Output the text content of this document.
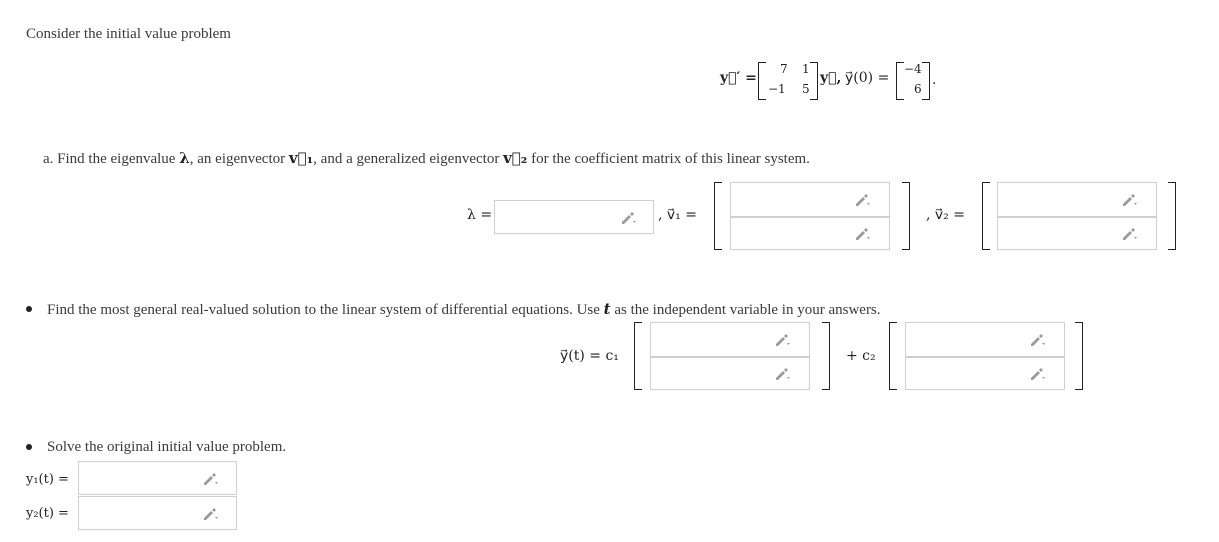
Consider the initial value problem
y⃗′ =
7 1
−1 5
y⃗, y⃗(0) =
−4
6
.
a. Find the eigenvalue λ, an eigenvector v⃗₁, and a generalized eigenvector v⃗₂ for the coefficient matrix of this linear system.
λ =	, v⃗₁ =	, v⃗₂ =
Find the most general real-valued solution to the linear system of differential equations. Use t as the independent variable in your answers.
y⃗(t) = c₁	+ c₂
Solve the original initial value problem.
y₁(t) =
y₂(t) =
